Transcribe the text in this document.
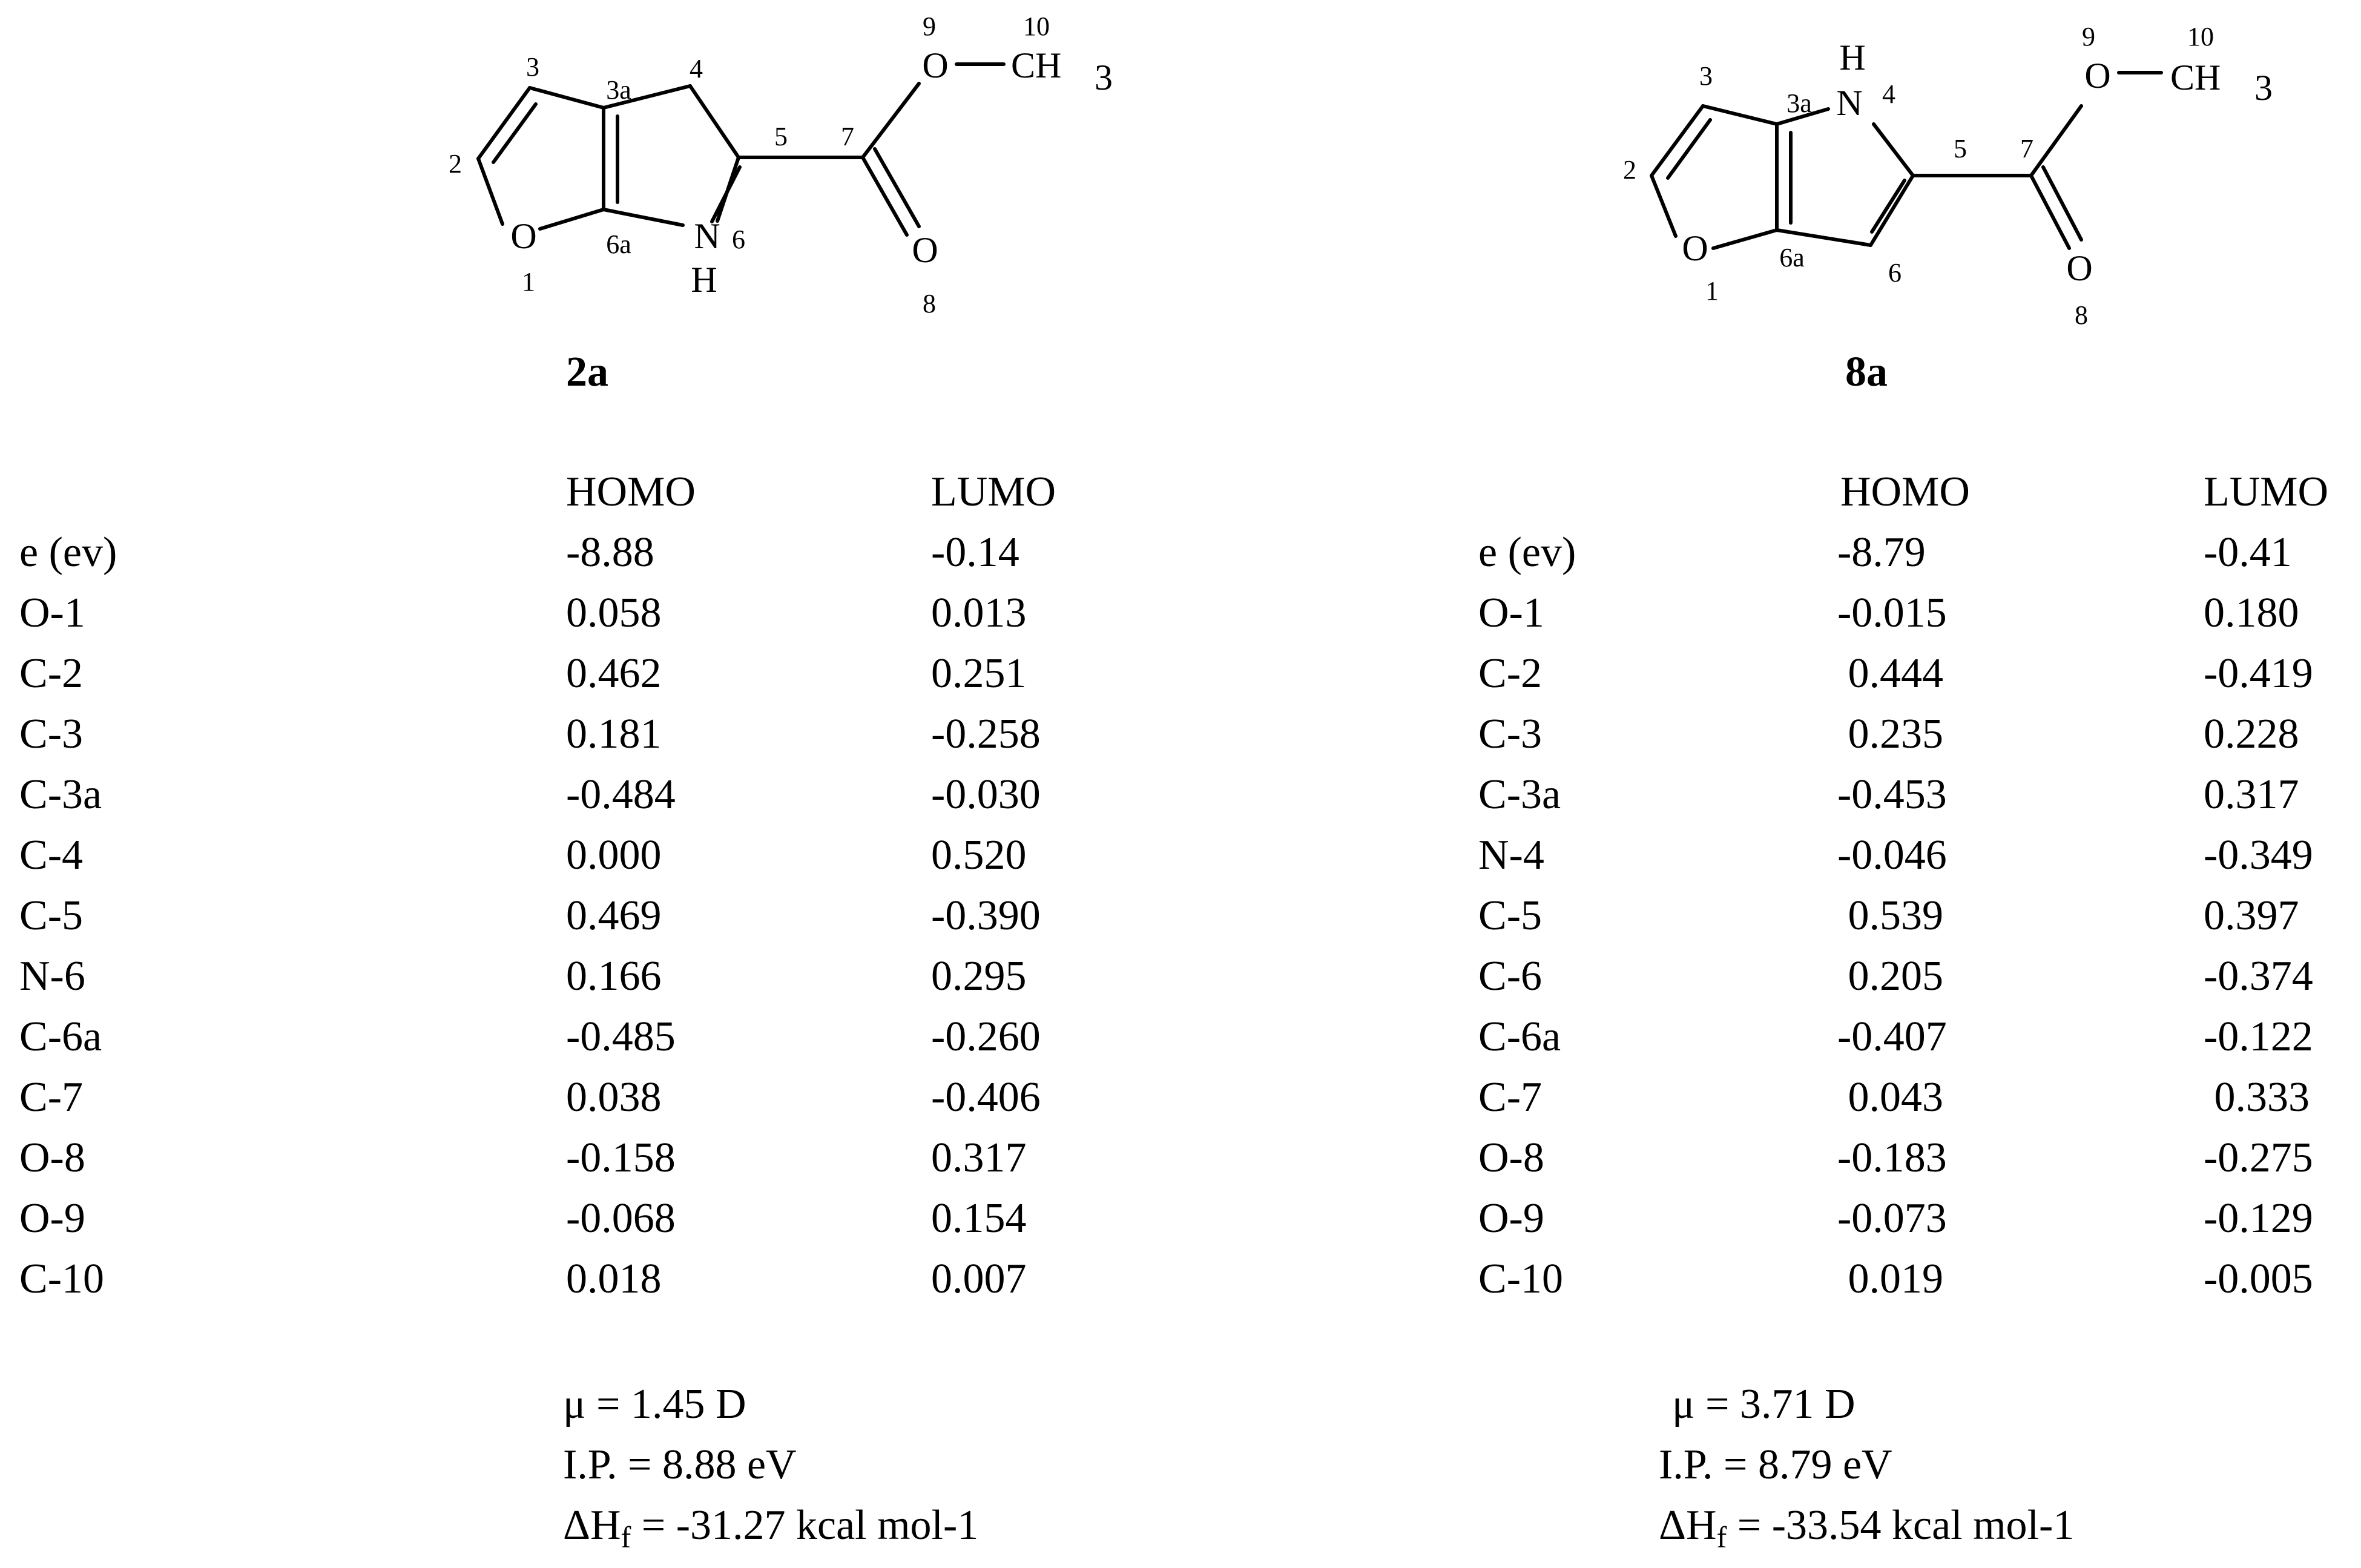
O	N
H
O
O CH 3
1
2
3
3a
4
5
6
6a
7
8
9	10
2a
O
H
N
O
O CH 3
1
2
3
3a	4
5
6
6a
7
8
9	10
8a
HOMO	LUMO
e (ev)	-8.88	-0.14
O-1	0.058	0.013
C-2	0.462	0.251
C-3	0.181	-0.258
C-3a	-0.484	-0.030
C-4	0.000	0.520
C-5	0.469	-0.390
N-6	0.166	0.295
C-6a	-0.485	-0.260
C-7	0.038	-0.406
O-8	-0.158	0.317
O-9	-0.068	0.154
C-10	0.018	0.007
HOMO	LUMO
e (ev)	-8.79	-0.41
O-1	-0.015	0.180
C-2	0.444	-0.419
C-3	0.235	0.228
C-3a	-0.453	0.317
N-4	-0.046	-0.349
C-5	0.539	0.397
C-6	0.205	-0.374
C-6a	-0.407	-0.122
C-7	0.043	0.333
O-8	-0.183	-0.275
O-9	-0.073	-0.129
C-10	0.019	-0.005
μ = 1.45 D
I.P. = 8.88 eV
$\Delta H_f = -31.27$ kcal mol-1
μ = 3.71 D
I.P. = 8.79 eV
$\Delta H_f = -33.54$ kcal mol-1
